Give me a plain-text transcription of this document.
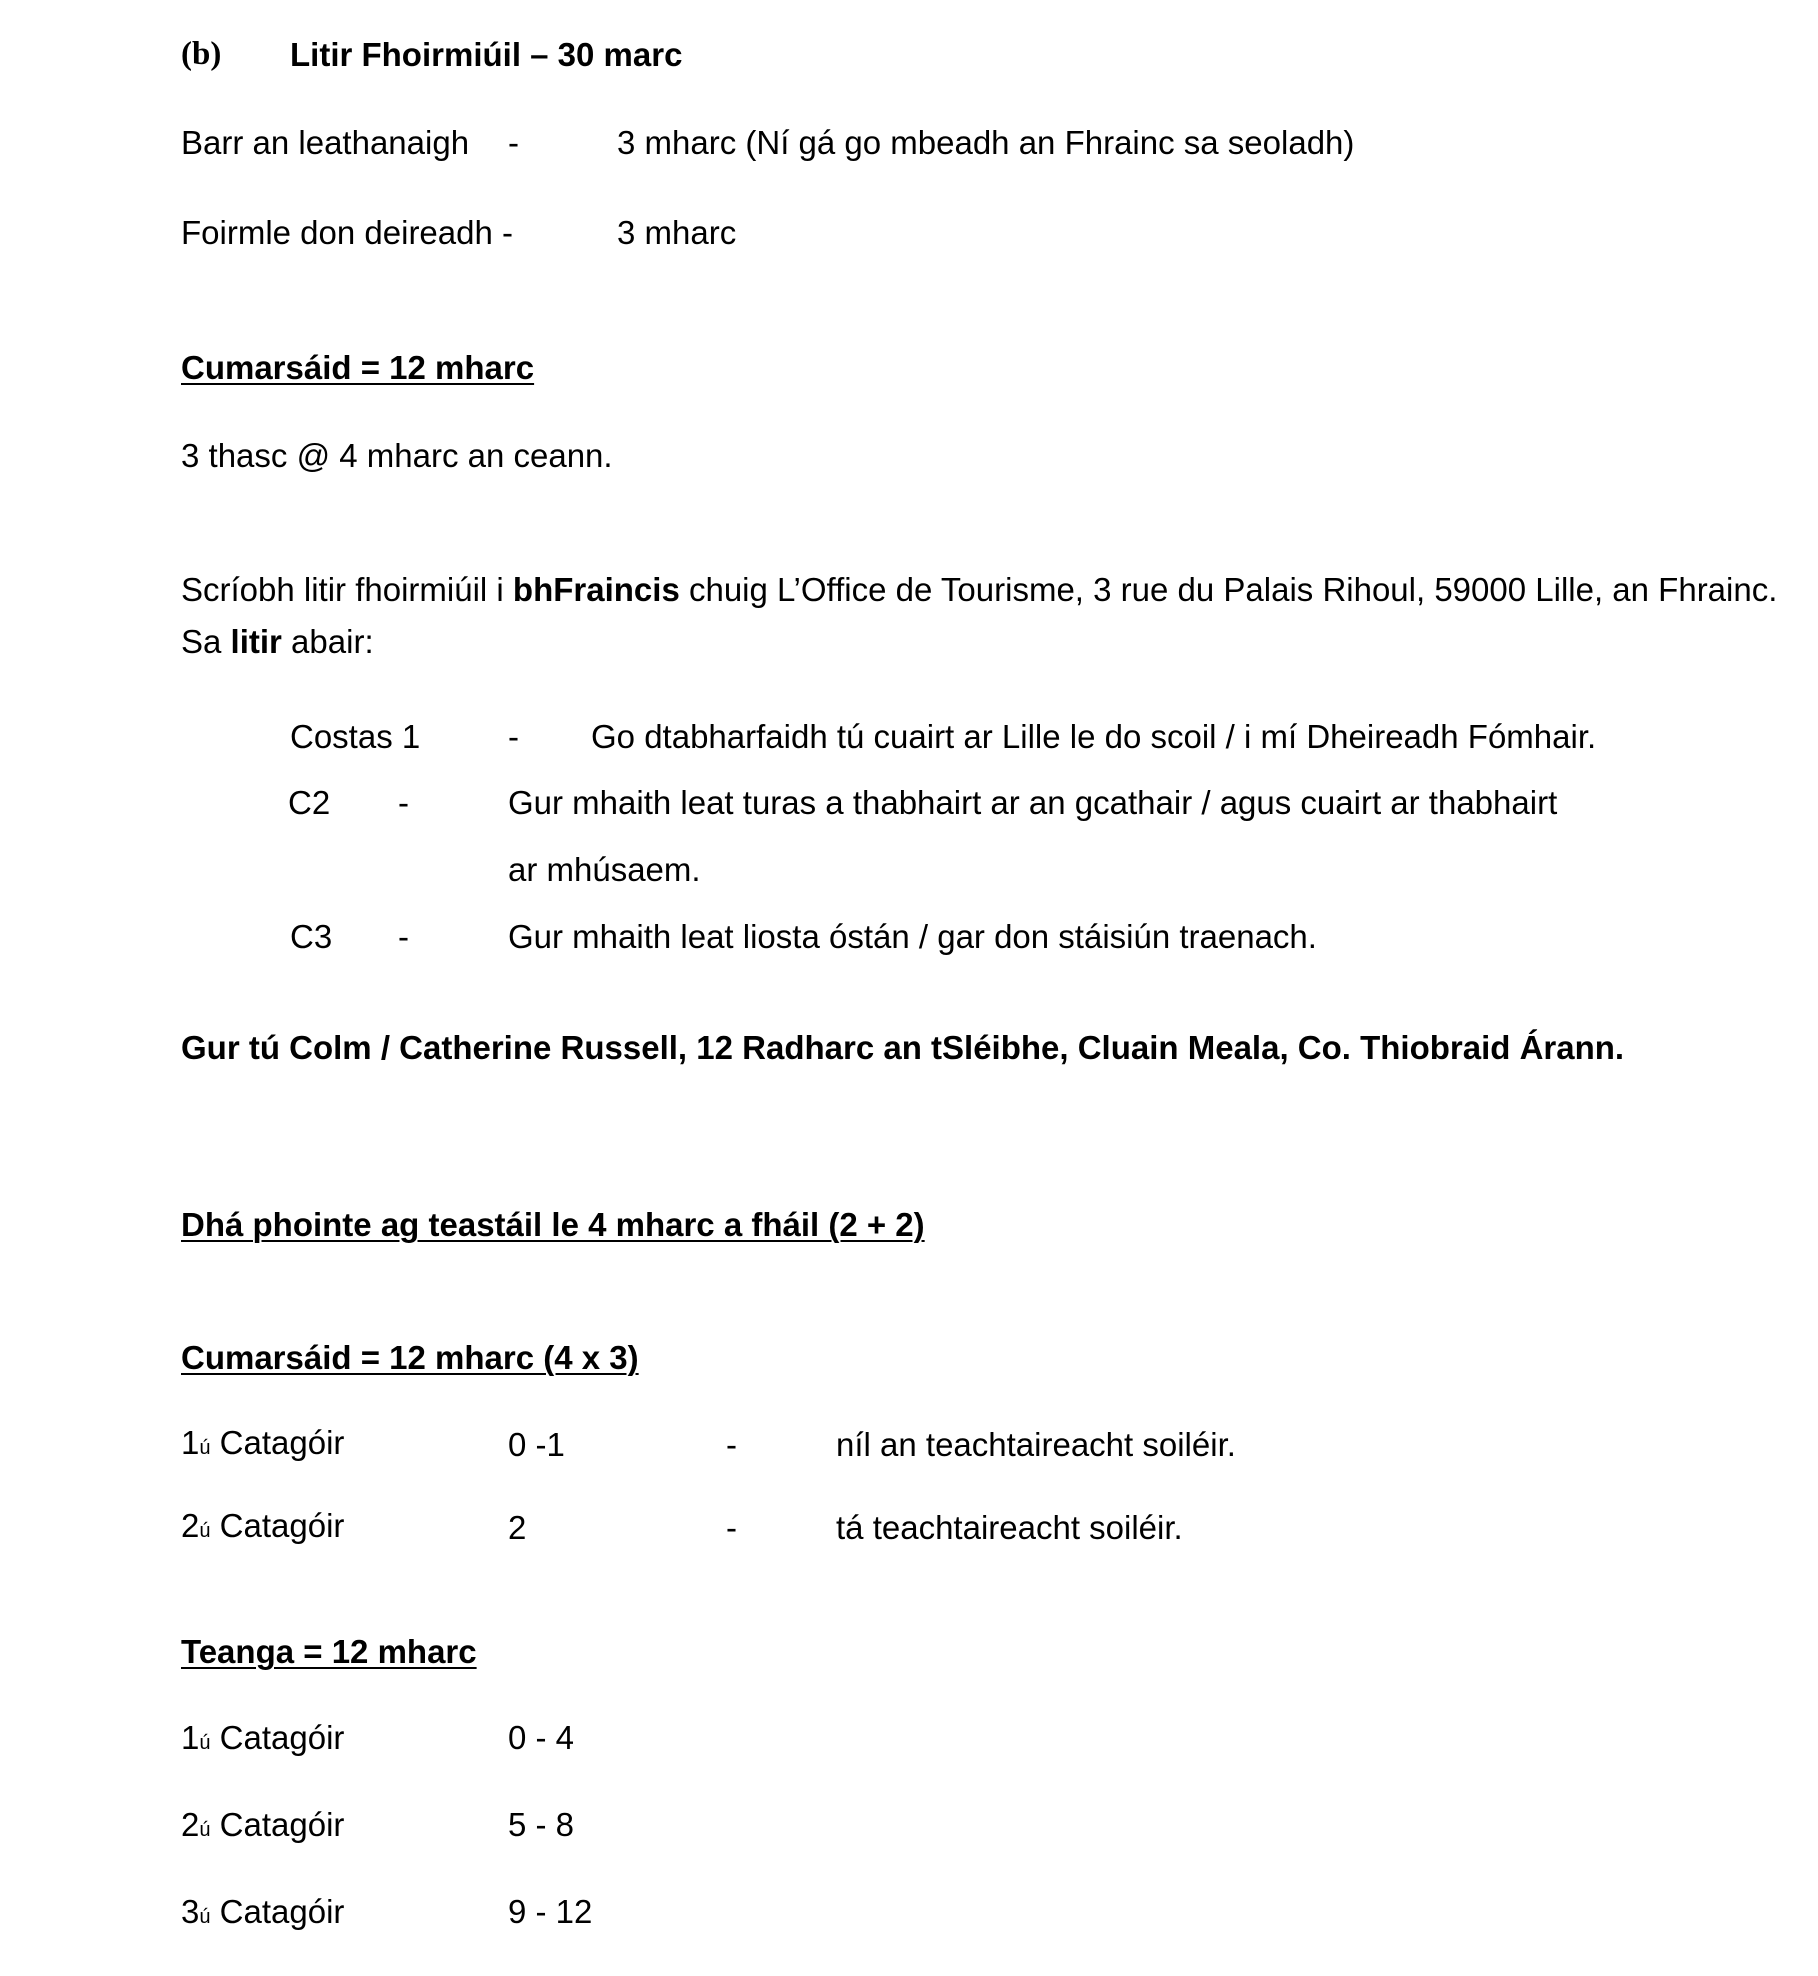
(b) Litir Fhoirmiúil – 30 marc
Barr an leathanaigh -	3 mharc (Ní gá go mbeadh an Fhrainc sa seoladh)
Foirmle don deireadh -	3 mharc
Cumarsáid = 12 mharc
3 thasc @ 4 mharc an ceann.
Scríobh litir fhoirmiúil i bhFraincis chuig L’Office de Tourisme, 3 rue du Palais Rihoul, 59000 Lille, an Fhrainc.
Sa litir abair:
Costas 1	- Go dtabharfaidh tú cuairt ar Lille le do scoil / i mí Dheireadh Fómhair.
C2 -	Gur mhaith leat turas a thabhairt ar an gcathair / agus cuairt ar thabhairt
ar mhúsaem.
C3 -	Gur mhaith leat liosta óstán / gar don stáisiún traenach.
Gur tú Colm / Catherine Russell, 12 Radharc an tSléibhe, Cluain Meala, Co. Thiobraid Árann.
Dhá phointe ag teastáil le 4 mharc a fháil (2 + 2)
Cumarsáid = 12 mharc (4 x 3)
1ú Catagóir	0 -1	-	níl an teachtaireacht soiléir.
2ú Catagóir	2	-	tá teachtaireacht soiléir.
Teanga = 12 mharc
1ú Catagóir	0 - 4
2ú Catagóir	5 - 8
3ú Catagóir	9 - 12
